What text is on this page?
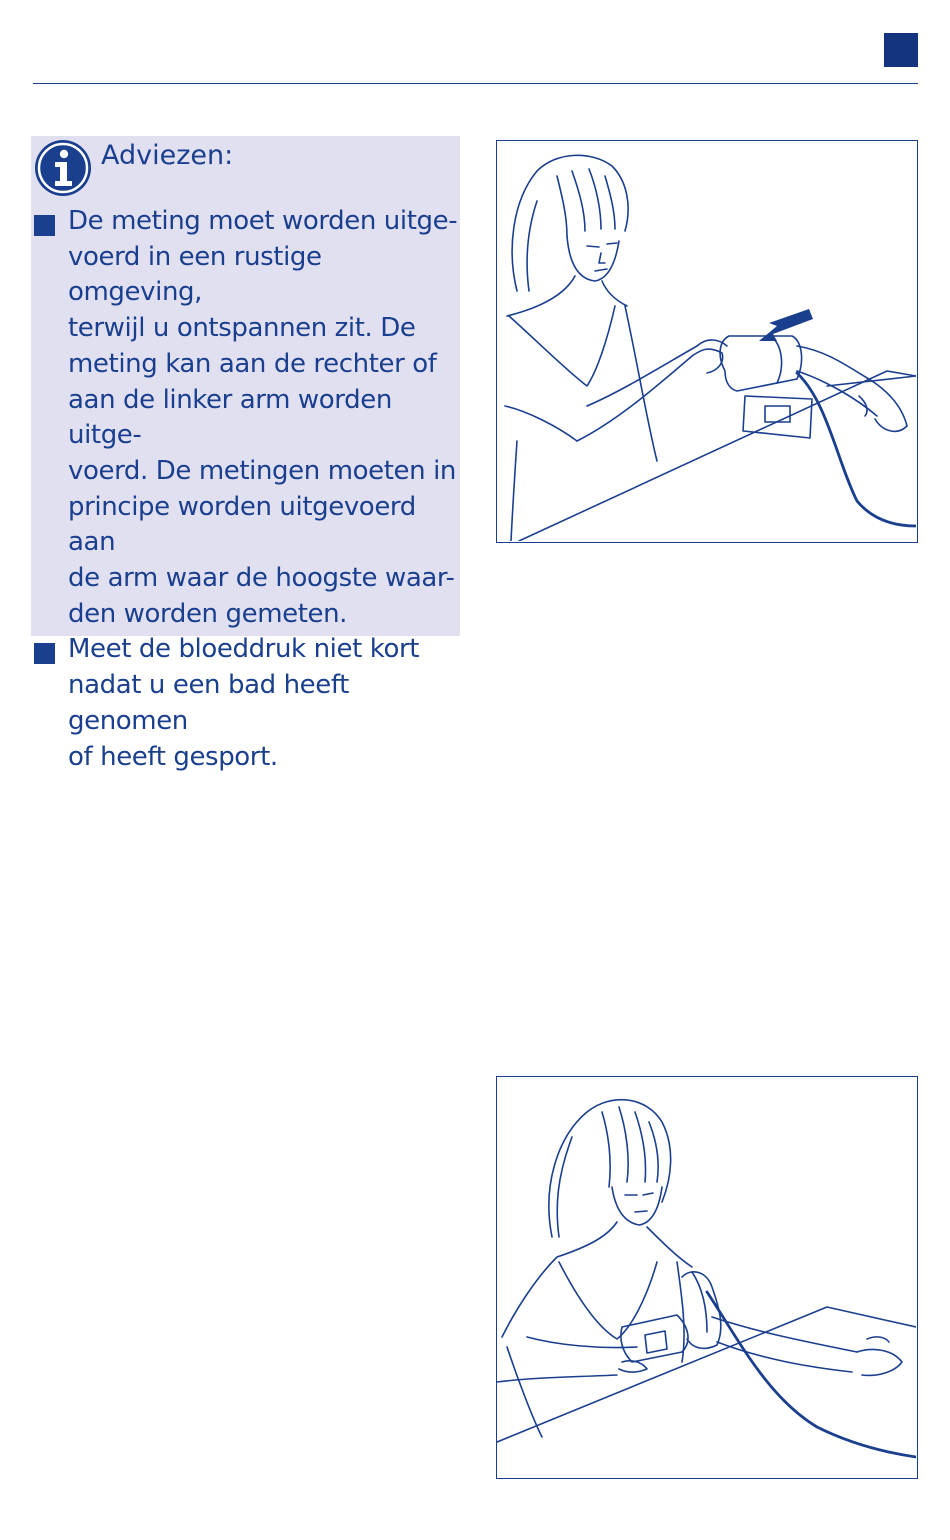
Adviezen:
De meting moet worden uitge-
voerd in een rustige omgeving,
terwijl u ontspannen zit. De
meting kan aan de rechter of
aan de linker arm worden uitge-
voerd. De metingen moeten in
principe worden uitgevoerd aan
de arm waar de hoogste waar-
den worden gemeten.
Meet de bloeddruk niet kort
nadat u een bad heeft genomen
of heeft gesport.
